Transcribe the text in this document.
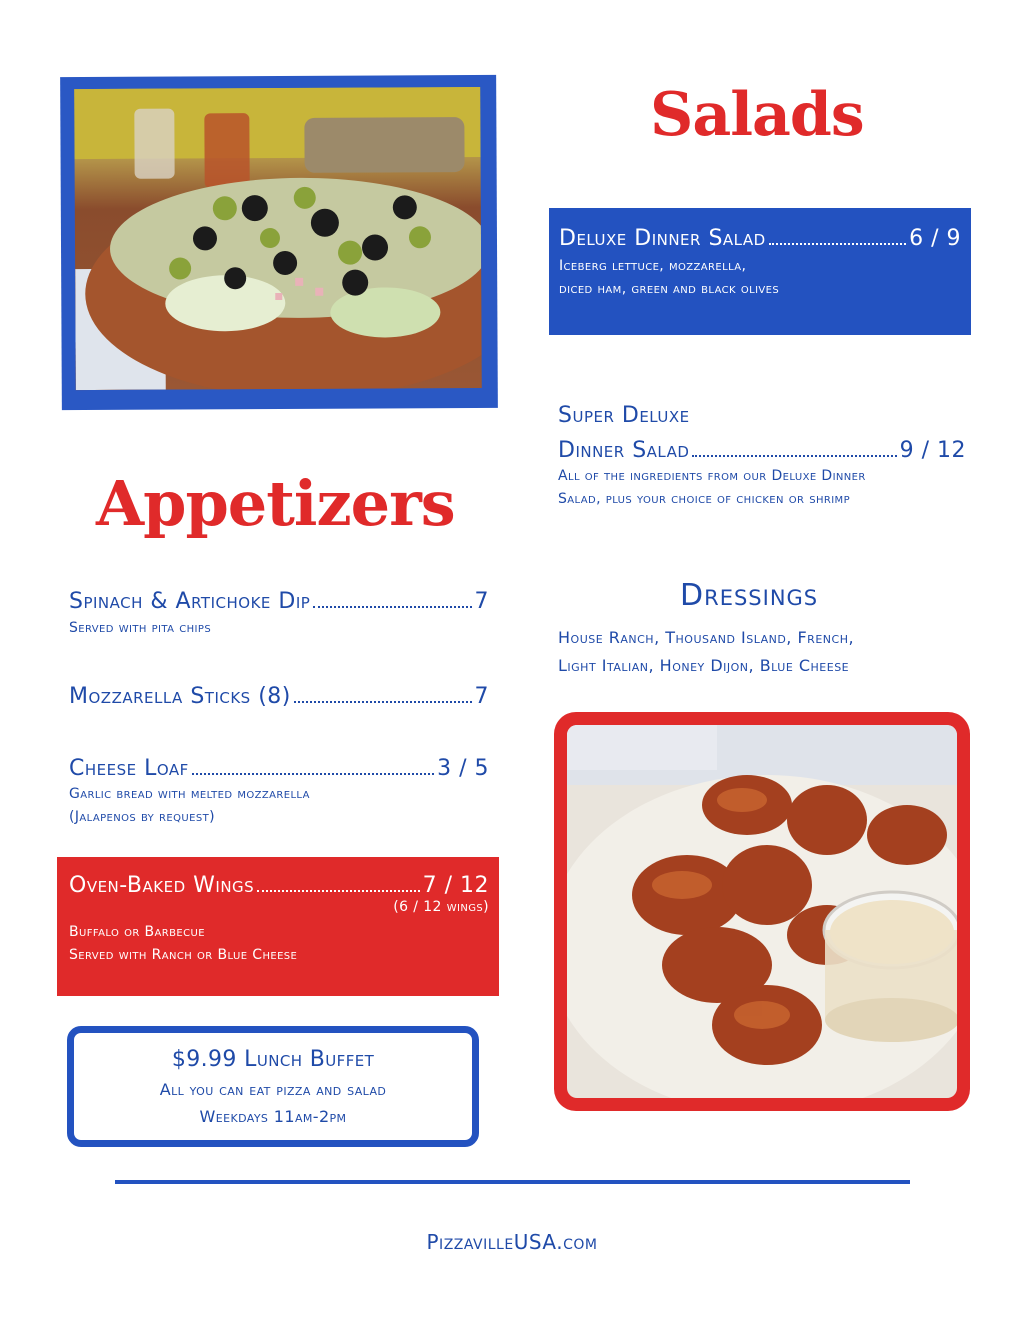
Salads
Deluxe Dinner Salad	6 / 9
Iceberg lettuce, mozzarella,
diced ham, green and black olives
Super Deluxe
Dinner Salad	9 / 12
All of the ingredients from our Deluxe Dinner
Salad, plus your choice of chicken or shrimp
Dressings
House Ranch, Thousand Island, French,
Light Italian, Honey Dijon, Blue Cheese
Appetizers
Spinach & Artichoke Dip	7
Served with pita chips
Mozzarella Sticks (8)	7
Cheese Loaf	3 / 5
Garlic bread with melted mozzarella
(Jalapenos by request)
Oven-Baked Wings	7 / 12
(6 / 12 wings)
Buffalo or Barbecue
Served with Ranch or Blue Cheese
$9.99 Lunch Buffet
All you can eat pizza and salad
Weekdays 11am-2pm
PizzavilleUSA.com
